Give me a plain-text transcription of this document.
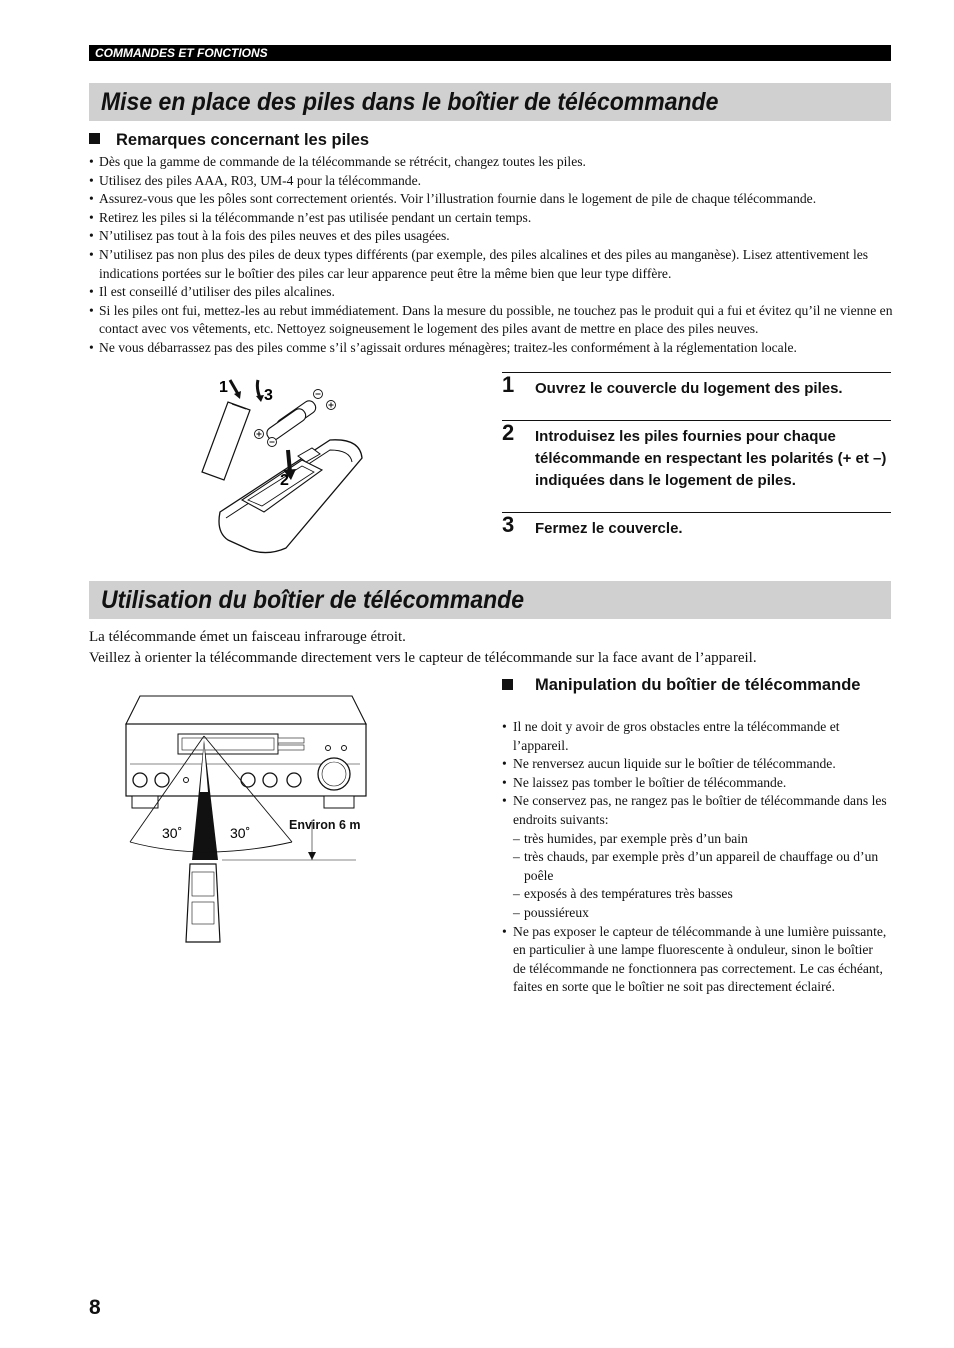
COMMANDES ET FONCTIONS
Mise en place des piles dans le boîtier de télécommande
Remarques concernant les piles
• Dès que la gamme de commande de la télécommande se rétrécit, changez toutes les piles.
• Utilisez des piles AAA, R03, UM-4 pour la télécommande.
• Assurez-vous que les pôles sont correctement orientés. Voir l’illustration fournie dans le logement de pile de chaque télécommande.
• Retirez les piles si la télécommande n’est pas utilisée pendant un certain temps.
• N’utilisez pas tout à la fois des piles neuves et des piles usagées.
• N’utilisez pas non plus des piles de deux types différents (par exemple, des piles alcalines et des piles au manganèse). Lisez attentivement les indications portées sur le boîtier des piles car leur apparence peut être la même bien que leur type diffère.
• Il est conseillé d’utiliser des piles alcalines.
• Si les piles ont fui, mettez-les au rebut immédiatement. Dans la mesure du possible, ne touchez pas le produit qui a fui et évitez qu’il ne vienne en contact avec vos vêtements, etc. Nettoyez soigneusement le logement des piles avant de mettre en place des piles neuves.
• Ne vous débarrassez pas des piles comme s’il s’agissait ordures ménagères; traitez-les conformément à la réglementation locale.
1 3
2
1 Ouvrez le couvercle du logement des piles.
2 Introduisez les piles fournies pour chaque télécommande en respectant les polarités (+ et –) indiquées dans le logement de piles.
3 Fermez le couvercle.
Utilisation du boîtier de télécommande
La télécommande émet un faisceau infrarouge étroit.
Veillez à orienter la télécommande directement vers le capteur de télécommande sur la face avant de l’appareil.
30˚	30˚	Environ 6 m
Manipulation du boîtier de télécommande
• Il ne doit y avoir de gros obstacles entre la télécommande et l’appareil.
• Ne renversez aucun liquide sur le boîtier de télécommande.
• Ne laissez pas tomber le boîtier de télécommande.
• Ne conservez pas, ne rangez pas le boîtier de télécommande dans les endroits suivants:
– très humides, par exemple près d’un bain
– très chauds, par exemple près d’un appareil de chauffage ou d’un poêle
– exposés à des températures très basses
– poussiéreux
• Ne pas exposer le capteur de télécommande à une lumière puissante, en particulier à une lampe fluorescente à onduleur, sinon le boîtier de télécommande ne fonctionnera pas correctement. Le cas échéant, faites en sorte que le boîtier ne soit pas directement éclairé.
8
